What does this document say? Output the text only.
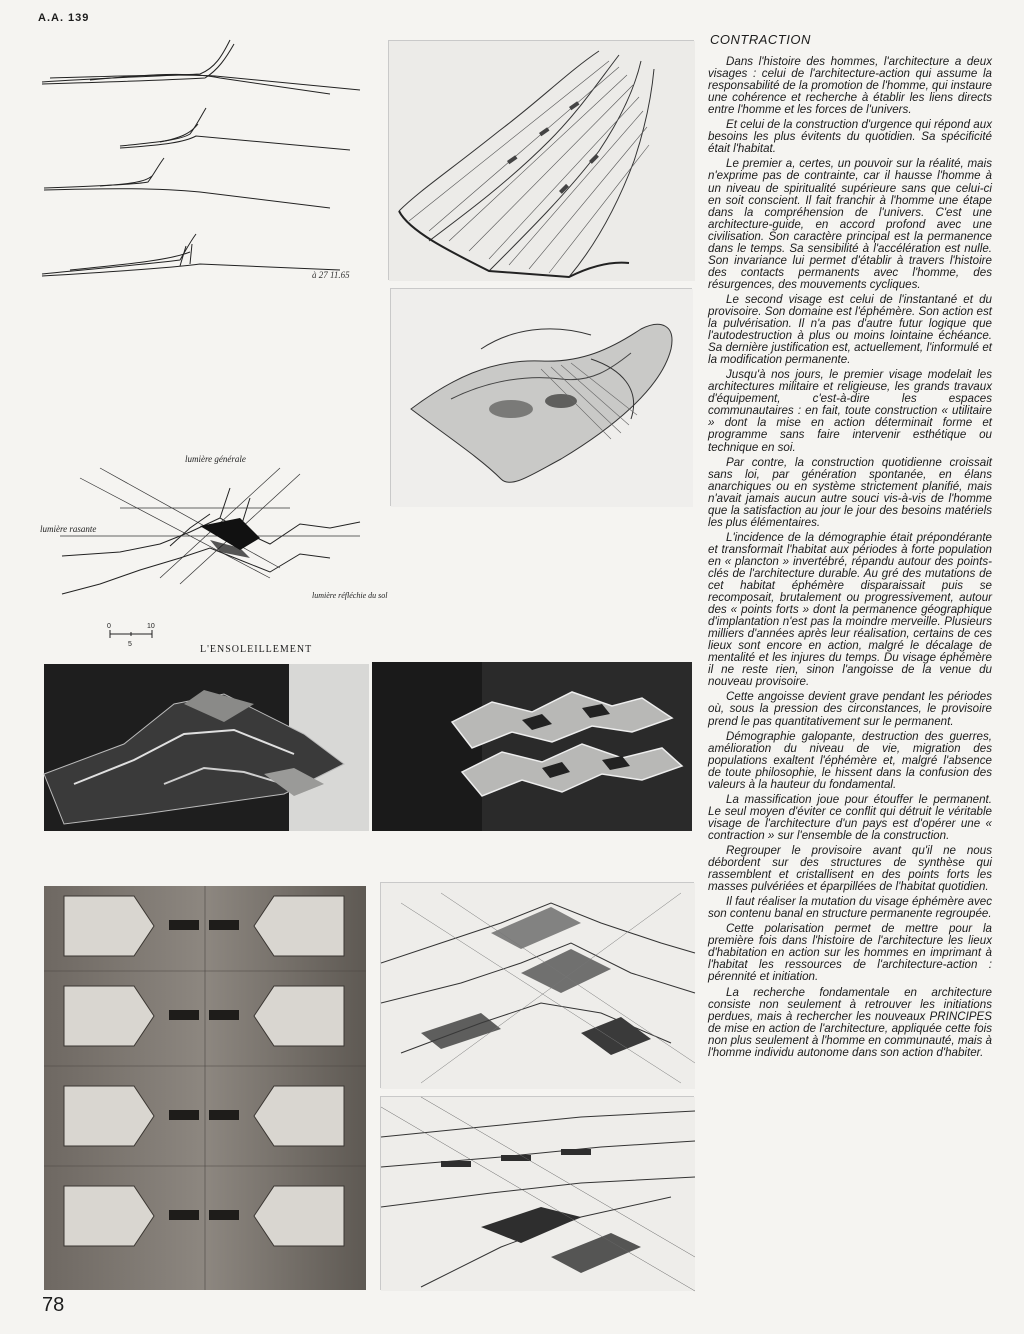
A.A. 139
78
à 27 11.65
lumière générale
lumière rasante
lumière réfléchie du sol
0	10
5	L'ENSOLEILLEMENT
CONTRACTION

Dans l'histoire des hommes, l'architecture a deux visages : celui de l'architecture-action qui assume la responsabilité de la promotion de l'homme, qui instaure une cohérence et recherche à établir les liens directs entre l'homme et les forces de l'univers.

Et celui de la construction d'urgence qui répond aux besoins les plus évitents du quotidien. Sa spécificité était l'habitat.

Le premier a, certes, un pouvoir sur la réalité, mais n'exprime pas de contrainte, car il hausse l'homme à un niveau de spiritualité supérieure sans que celui-ci en soit conscient. Il fait franchir à l'homme une étape dans la compréhension de l'univers. C'est une architecture-guide, en accord profond avec une civilisation. Son caractère principal est la permanence dans le temps. Sa sensibilité à l'accélération est nulle. Son invariance lui permet d'établir à travers l'histoire des contacts permanents avec l'homme, des résurgences, des mouvements cycliques.

Le second visage est celui de l'instantané et du provisoire. Son domaine est l'éphémère. Son action est la pulvérisation. Il n'a pas d'autre futur logique que l'autodestruction à plus ou moins lointaine échéance. Sa dernière justification est, actuellement, l'informulé et la modification permanente.

Jusqu'à nos jours, le premier visage modelait les architectures militaire et religieuse, les grands travaux d'équipement, c'est-à-dire les espaces communautaires : en fait, toute construction « utilitaire » dont la mise en action déterminait forme et programme sans faire intervenir esthétique ou technique en soi.

Par contre, la construction quotidienne croissait sans loi, par génération spontanée, en élans anarchiques ou en système strictement planifié, mais n'avait jamais aucun autre souci vis-à-vis de l'homme que la satisfaction au jour le jour des besoins matériels les plus élémentaires.

L'incidence de la démographie était prépondérante et transformait l'habitat aux périodes à forte population en « plancton » invertébré, répandu autour des points-clés de l'architecture durable. Au gré des mutations de cet habitat éphémère disparaissait puis se recomposait, brutalement ou progressivement, autour des « points forts » dont la permanence géographique d'implantation n'est pas la moindre merveille. Plusieurs milliers d'années après leur réalisation, certains de ces lieux sont encore en action, malgré le décalage de mentalité et les injures du temps. Du visage éphémère il ne reste rien, sinon l'angoisse de la venue du nouveau provisoire.

Cette angoisse devient grave pendant les périodes où, sous la pression des circonstances, le provisoire prend le pas quantitativement sur le permanent.

Démographie galopante, destruction des guerres, amélioration du niveau de vie, migration des populations exaltent l'éphémère et, malgré l'absence de toute philosophie, le hissent dans la confusion des valeurs à la hauteur du fondamental.

La massification joue pour étouffer le permanent. Le seul moyen d'éviter ce conflit qui détruit le véritable visage de l'architecture d'un pays est d'opérer une « contraction » sur l'ensemble de la construction.

Regrouper le provisoire avant qu'il ne nous débordent sur des structures de synthèse qui rassemblent et cristallisent en des points forts les masses pulvériées et éparpillées de l'habitat quotidien.

Il faut réaliser la mutation du visage éphémère avec son contenu banal en structure permanente regroupée.

Cette polarisation permet de mettre pour la première fois dans l'histoire de l'architecture les lieux d'habitation en action sur les hommes en imprimant à l'habitat les ressources de l'architecture-action : pérennité et initiation.

La recherche fondamentale en architecture consiste non seulement à retrouver les initiations perdues, mais à rechercher les nouveaux PRINCIPES de mise en action de l'architecture, appliquée cette fois non plus seulement à l'homme en communauté, mais à l'homme individu autonome dans son action d'habiter.
